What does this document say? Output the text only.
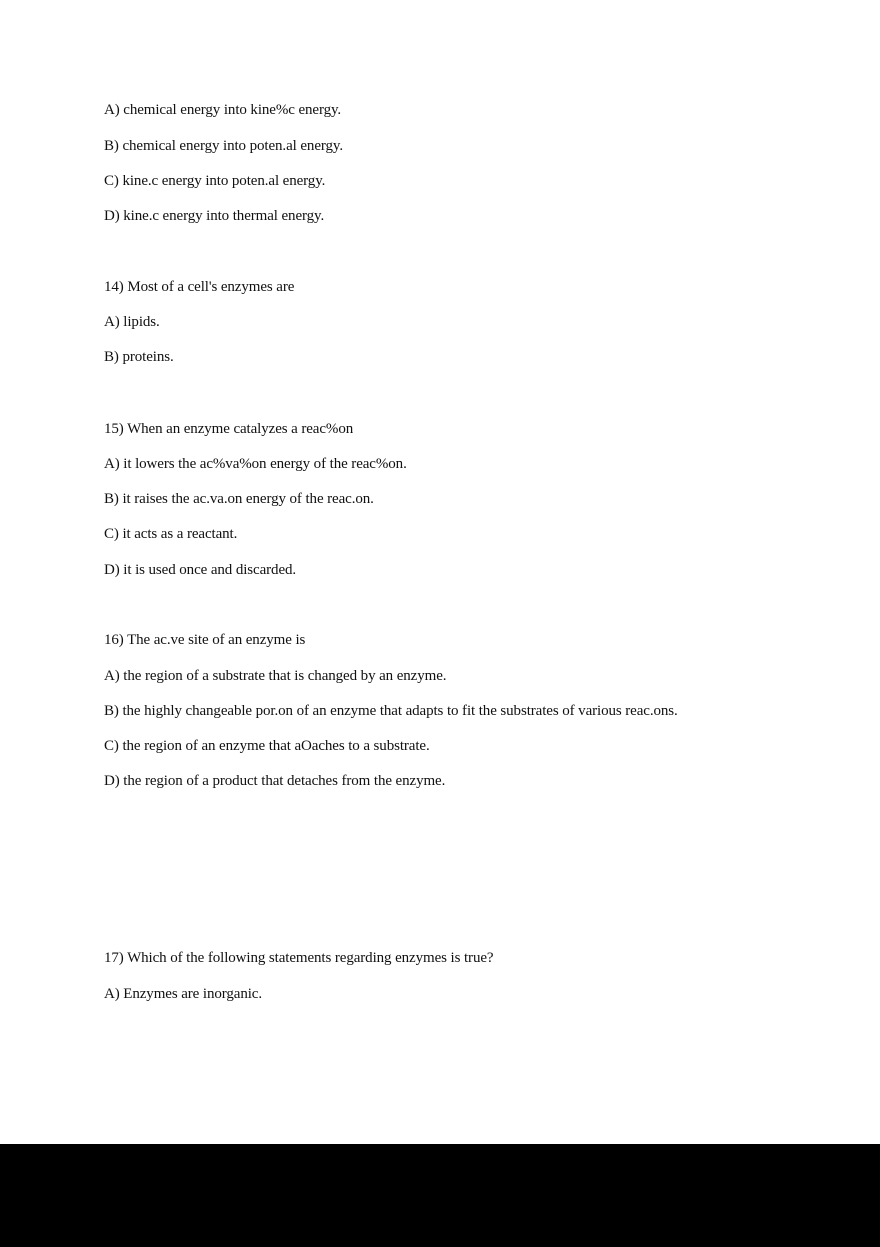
A) chemical energy into kine%c energy.
B) chemical energy into poten.al energy.
C) kine.c energy into poten.al energy.
D) kine.c energy into thermal energy.
14) Most of a cell's enzymes are
A) lipids.
B) proteins.
15) When an enzyme catalyzes a reac%on
A) it lowers the ac%va%on energy of the reac%on.
B) it raises the ac.va.on energy of the reac.on.
C) it acts as a reactant.
D) it is used once and discarded.
16) The ac.ve site of an enzyme is
A) the region of a substrate that is changed by an enzyme.
B) the highly changeable por.on of an enzyme that adapts to fit the substrates of various reac.ons.
C) the region of an enzyme that aOaches to a substrate.
D) the region of a product that detaches from the enzyme.
17) Which of the following statements regarding enzymes is true?
A) Enzymes are inorganic.
